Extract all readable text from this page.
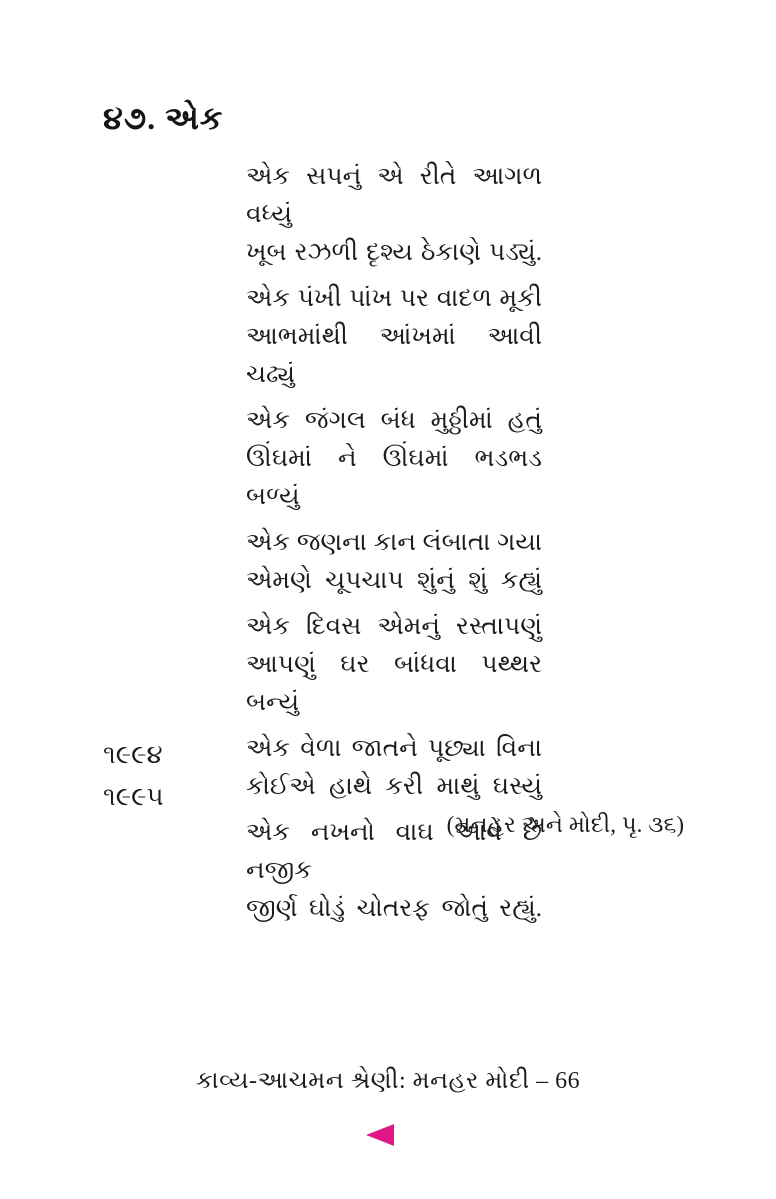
૪૭. એક
એક સપનું એ રીતે આગળ વધ્યું
ખૂબ રઝળી દૃશ્ય ઠેકાણે પડ્યું.
એક પંખી પાંખ પર વાદળ મૂકી
આભમાંથી આંખમાં આવી ચઢ્યું
એક જંગલ બંધ મુઠ્ઠીમાં હતું
ઊંઘમાં ને ઊંઘમાં ભડભડ બળ્યું
એક જણના કાન લંબાતા ગયા
એમણે ચૂપચાપ શુંનું શું કહ્યું
એક દિવસ એમનું રસ્તાપણું
આપણું ઘર બાંધવા પથ્થર બન્યું
એક વેળા જાતને પૂછ્યા વિના
કોઈએ હાથે કરી માથું ઘસ્યું
એક નખનો વાઘ આવે છે નજીક
જીર્ણ ઘોડું ચોતરફ જોતું રહ્યું.
૧૯૯૪
૧૯૯૫
(મનહર અને મોદી, પૃ. ૩૬)
કાવ્ય-આચમન શ્રેણી: મનહર મોદી – 66
